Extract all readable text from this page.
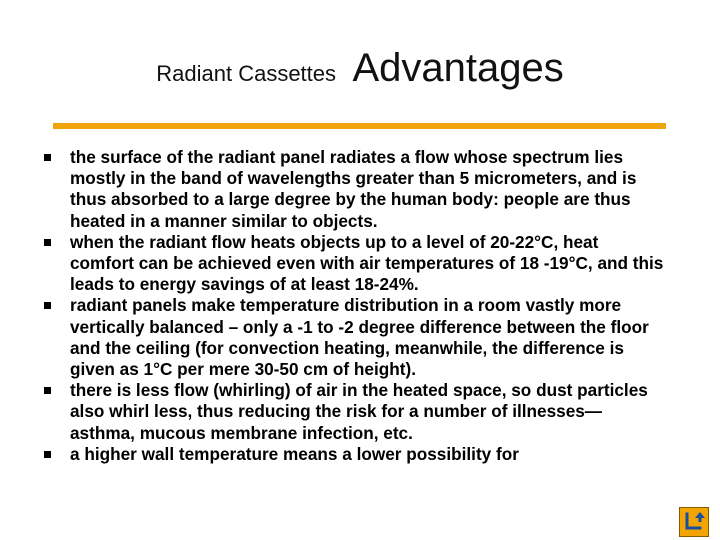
Radiant Cassettes Advantages
the surface of the radiant panel radiates a flow whose spectrum lies mostly in the band of wavelengths greater than 5 micrometers, and is thus absorbed to a large degree by the human body: people are thus heated in a manner similar to objects.
when the radiant flow heats objects up to a level of 20-22°C, heat comfort can be achieved even with air temperatures of 18 -19°C, and this leads to energy savings of at least 18-24%.
radiant panels make temperature distribution in a room vastly more vertically balanced – only a -1 to -2 degree difference between the floor and the ceiling (for convection heating, meanwhile, the difference is given as 1°C per mere 30-50 cm of height).
there is less flow (whirling) of air in the heated space, so dust particles also whirl less, thus reducing the risk for a number of illnesses—asthma, mucous membrane infection, etc.
a higher wall temperature means a lower possibility for
